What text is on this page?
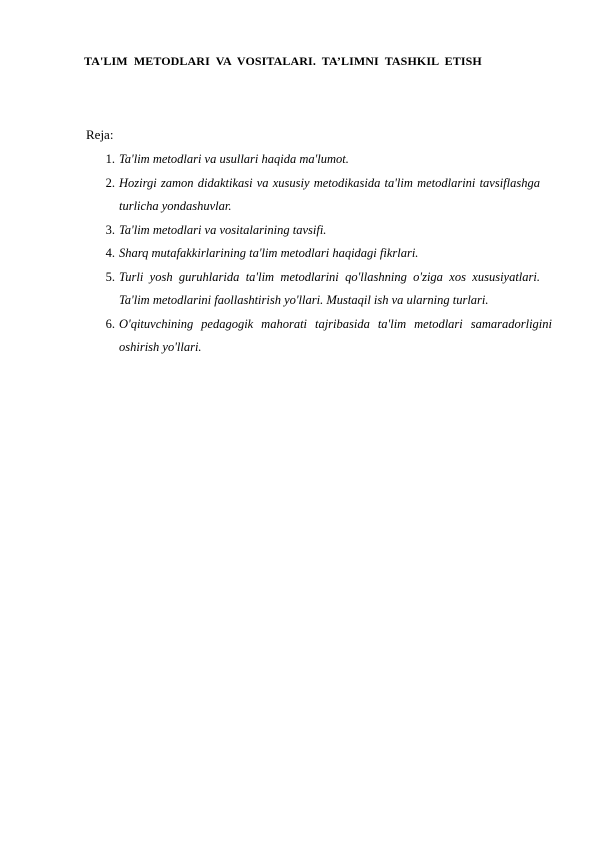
TA'LIM METODLARI VA VOSITALARI. TA’LIMNI TASHKIL ETISH
Reja:
1. Ta'lim metodlari va usullari haqida ma'lumot.
2. Hozirgi zamon didaktikasi va xususiy metodikasida ta'lim metodlarini tavsiflashga turlicha yondashuvlar.
3. Ta'lim metodlari va vositalarining tavsifi.
4. Sharq mutafakkirlarining ta'lim metodlari haqidagi fikrlari.
5. Turli yosh guruhlarida ta'lim metodlarini qo'llashning o'ziga xos xususiyatlari. Ta'lim metodlarini faollashtirish yo'llari. Mustaqil ish va ularning turlari.
6. O'qituvchining pedagogik mahorati tajribasida ta'lim metodlari samaradorligini oshirish yo'llari.
